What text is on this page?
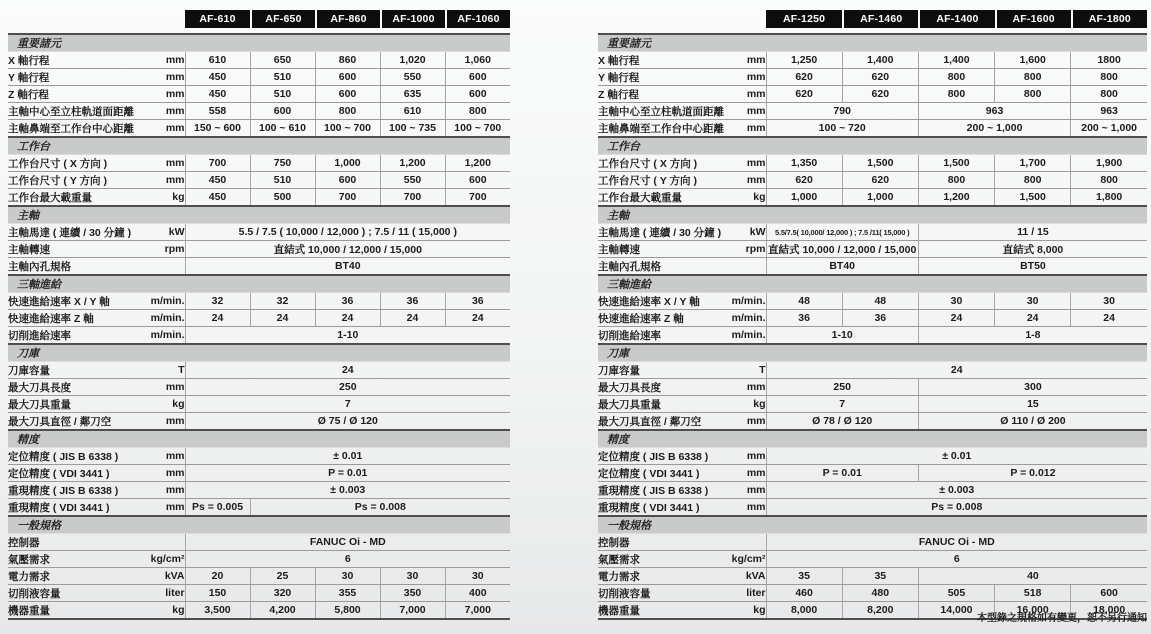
AF-610	AF-650	AF-860	AF-1000	AF-1060
重要諸元						
X 軸行程	mm	610	650	860	1,020	1,060
Y 軸行程	mm	450	510	600	550	600
Z 軸行程	mm	450	510	600	635	600
主軸中心至立柱軌道面距離	mm	558	600	800	610	800
主軸鼻端至工作台中心距離	mm	150 ~ 600	100 ~ 610	100 ~ 700	100 ~ 735	100 ~ 700
工作台						
工作台尺寸 ( X 方向 )	mm	700	750	1,000	1,200	1,200
工作台尺寸 ( Y 方向 )	mm	450	510	600	550	600
工作台最大載重量	kg	450	500	700	700	700
主軸						
主軸馬達 ( 連續 / 30 分鐘 )	kW	5.5 / 7.5 ( 10,000 / 12,000 ) ; 7.5 / 11 ( 15,000 )				
主軸轉速	rpm	直結式 10,000 / 12,000 / 15,000				
主軸內孔規格		BT40				
三軸進給						
快速進給速率 X / Y 軸	m/min.	32	32	36	36	36
快速進給速率 Z 軸	m/min.	24	24	24	24	24
切削進給速率	m/min.	1-10				
刀庫						
刀庫容量	T	24				
最大刀具長度	mm	250				
最大刀具重量	kg	7				
最大刀具直徑 / 鄰刀空	mm	Ø 75 / Ø 120				
精度						
定位精度 ( JIS B 6338 )	mm	± 0.01				
定位精度 ( VDI 3441 )	mm	P = 0.01				
重現精度 ( JIS B 6338 )	mm	± 0.003				
重現精度 ( VDI 3441 )	mm	Ps = 0.005	Ps = 0.008			
一般規格						
控制器		FANUC Oi - MD				
氣壓需求	kg/cm²	6				
電力需求	kVA	20	25	30	30	30
切削液容量	liter	150	320	355	350	400
機器重量	kg	3,500	4,200	5,800	7,000	7,000
AF-1250	AF-1460	AF-1400	AF-1600	AF-1800
重要諸元						
X 軸行程	mm	1,250	1,400	1,400	1,600	1800
Y 軸行程	mm	620	620	800	800	800
Z 軸行程	mm	620	620	800	800	800
主軸中心至立柱軌道面距離	mm	790		963		963
主軸鼻端至工作台中心距離	mm	100 ~ 720		200 ~ 1,000		200 ~ 1,000
工作台						
工作台尺寸 ( X 方向 )	mm	1,350	1,500	1,500	1,700	1,900
工作台尺寸 ( Y 方向 )	mm	620	620	800	800	800
工作台最大載重量	kg	1,000	1,000	1,200	1,500	1,800
主軸						
主軸馬達 ( 連續 / 30 分鐘 )	kW	5.5/7.5( 10,000/ 12,000 ) ; 7.5 /11( 15,000 )		11 / 15		
主軸轉速	rpm	直結式 10,000 / 12,000 / 15,000		直結式 8,000		
主軸內孔規格		BT40		BT50		
三軸進給						
快速進給速率 X / Y 軸	m/min.	48	48	30	30	30
快速進給速率 Z 軸	m/min.	36	36	24	24	24
切削進給速率	m/min.	1-10		1-8		
刀庫						
刀庫容量	T	24				
最大刀具長度	mm	250		300		
最大刀具重量	kg	7		15		
最大刀具直徑 / 鄰刀空	mm	Ø 78 / Ø 120		Ø 110 / Ø 200		
精度						
定位精度 ( JIS B 6338 )	mm	± 0.01				
定位精度 ( VDI 3441 )	mm	P = 0.01		P = 0.012		
重現精度 ( JIS B 6338 )	mm	± 0.003				
重現精度 ( VDI 3441 )	mm	Ps = 0.008				
一般規格						
控制器		FANUC Oi - MD				
氣壓需求	kg/cm²	6				
電力需求	kVA	35	35	40		
切削液容量	liter	460	480	505	518	600
機器重量	kg	8,000	8,200	14,000	16,000	18,000
本型錄之規格如有變更，恕不另行通知
